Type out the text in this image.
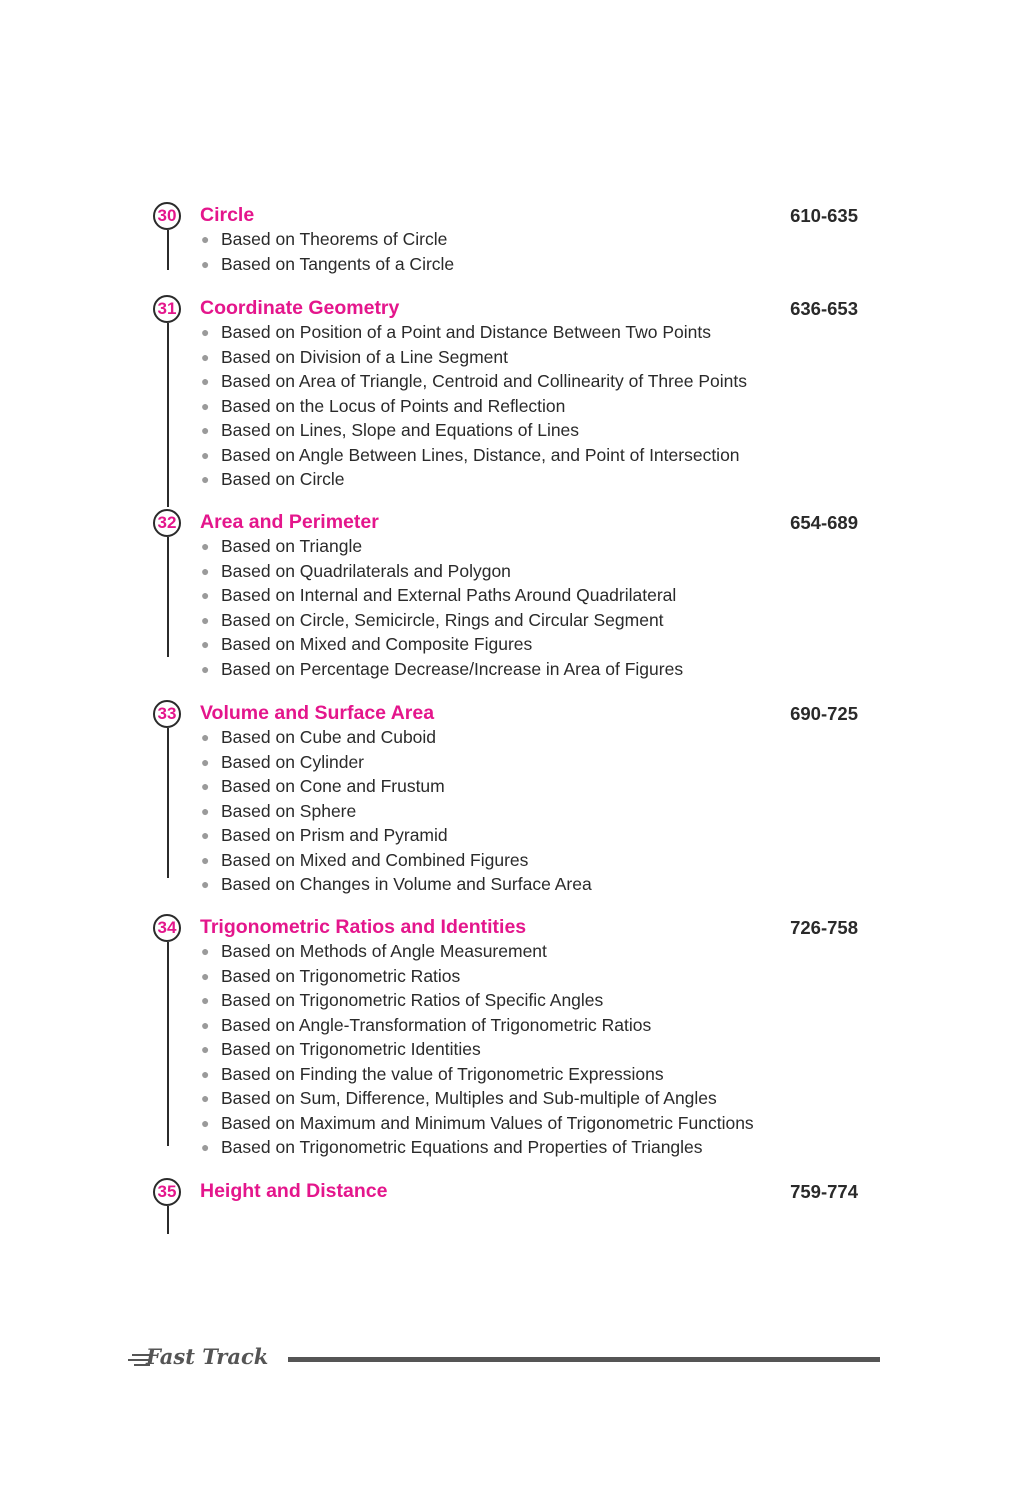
30 Circle	610-635
● Based on Theorems of Circle
● Based on Tangents of a Circle
31 Coordinate Geometry	636-653
● Based on Position of a Point and Distance Between Two Points
● Based on Division of a Line Segment
● Based on Area of Triangle, Centroid and Collinearity of Three Points
● Based on the Locus of Points and Reflection
● Based on Lines, Slope and Equations of Lines
● Based on Angle Between Lines, Distance, and Point of Intersection
● Based on Circle
32 Area and Perimeter	654-689
● Based on Triangle
● Based on Quadrilaterals and Polygon
● Based on Internal and External Paths Around Quadrilateral
● Based on Circle, Semicircle, Rings and Circular Segment
● Based on Mixed and Composite Figures
● Based on Percentage Decrease/Increase in Area of Figures
33 Volume and Surface Area	690-725
● Based on Cube and Cuboid
● Based on Cylinder
● Based on Cone and Frustum
● Based on Sphere
● Based on Prism and Pyramid
● Based on Mixed and Combined Figures
● Based on Changes in Volume and Surface Area
34 Trigonometric Ratios and Identities	726-758
● Based on Methods of Angle Measurement
● Based on Trigonometric Ratios
● Based on Trigonometric Ratios of Specific Angles
● Based on Angle-Transformation of Trigonometric Ratios
● Based on Trigonometric Identities
● Based on Finding the value of Trigonometric Expressions
● Based on Sum, Difference, Multiples and Sub-multiple of Angles
● Based on Maximum and Minimum Values of Trigonometric Functions
● Based on Trigonometric Equations and Properties of Triangles
35 Height and Distance	759-774
Fast Track
